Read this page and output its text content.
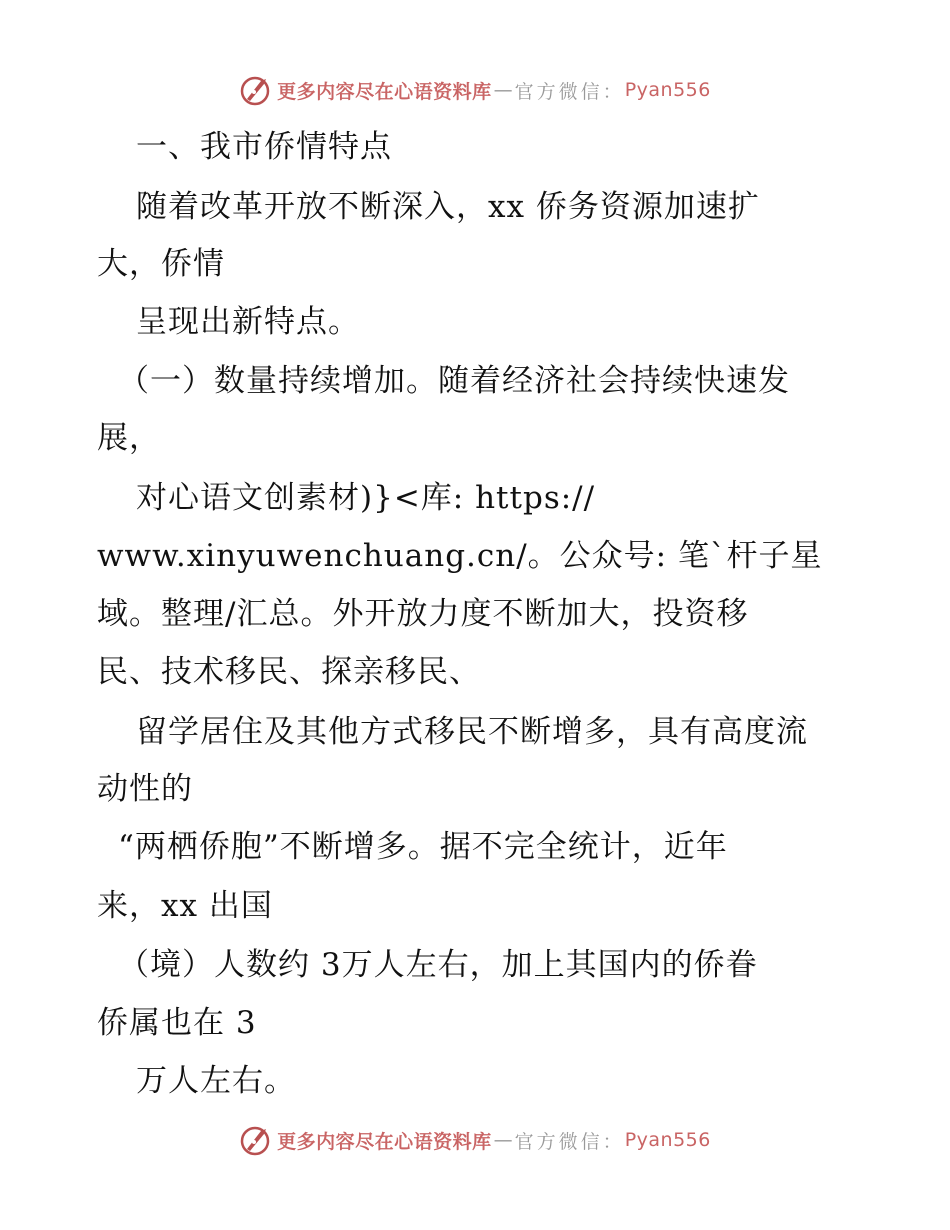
更多内容尽在心语资料库 — 官方微信： Pyan556
一、我市侨情特点
随着改革开放不断深入，xx 侨务资源加速扩
大，侨情
呈现出新特点。
（一）数量持续增加。随着经济社会持续快速发
展，
对心语文创素材)}<库: https://
www.xinyuwenchuang.cn/。公众号: 笔`杆子星
域。整理/汇总。外开放力度不断加大，投资移
民、技术移民、探亲移民、
留学居住及其他方式移民不断增多，具有高度流
动性的
“两栖侨胞”不断增多。据不完全统计，近年
来，xx 出国
（境）人数约 3万人左右，加上其国内的侨眷
侨属也在 3
万人左右。
更多内容尽在心语资料库 — 官方微信： Pyan556
